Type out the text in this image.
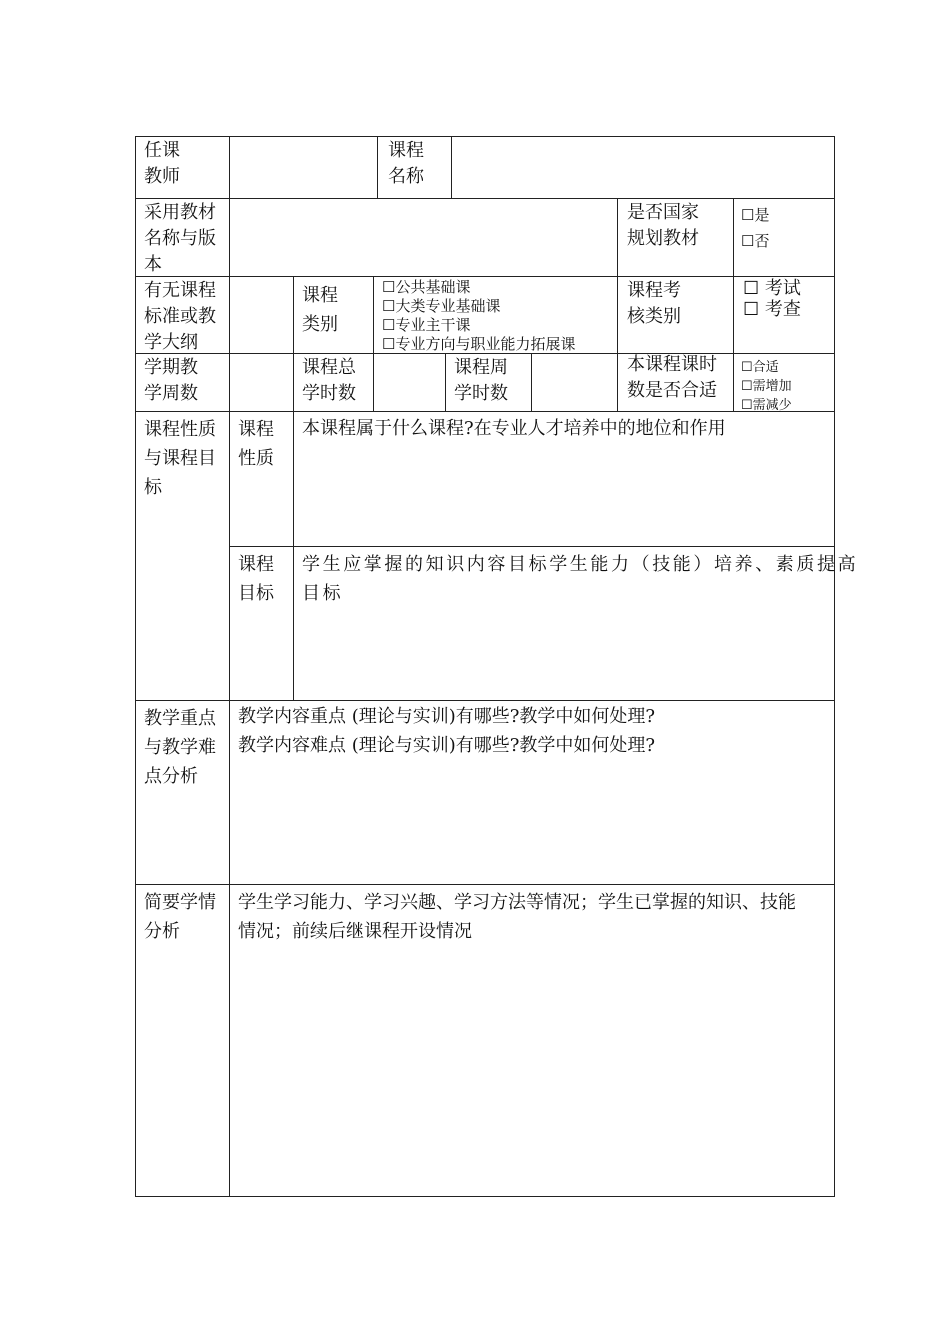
任课
教师
课程
名称
采用教材
名称与版
本
是否国家
规划教材
☐是
☐否
有无课程
标准或教
学大纲
课程
类别
☐公共基础课
☐大类专业基础课
☐专业主干课
☐专业方向与职业能力拓展课
课程考
核类别
☐ 考试
☐ 考查
学期教
学周数
课程总
学时数
课程周
学时数
本课程课时
数是否合适
☐合适
☐需增加
☐需减少
课程性质
与课程目
标
课程
性质
本课程属于什么课程?在专业人才培养中的地位和作用
课程
目标
学生应掌握的知识内容目标学生能力（技能）培养、素质提高
目标
教学重点
与教学难
点分析
教学内容重点 (理论与实训)有哪些?教学中如何处理?
教学内容难点 (理论与实训)有哪些?教学中如何处理?
简要学情
分析
学生学习能力、学习兴趣、学习方法等情况；学生已掌握的知识、技能
情况；前续后继课程开设情况
